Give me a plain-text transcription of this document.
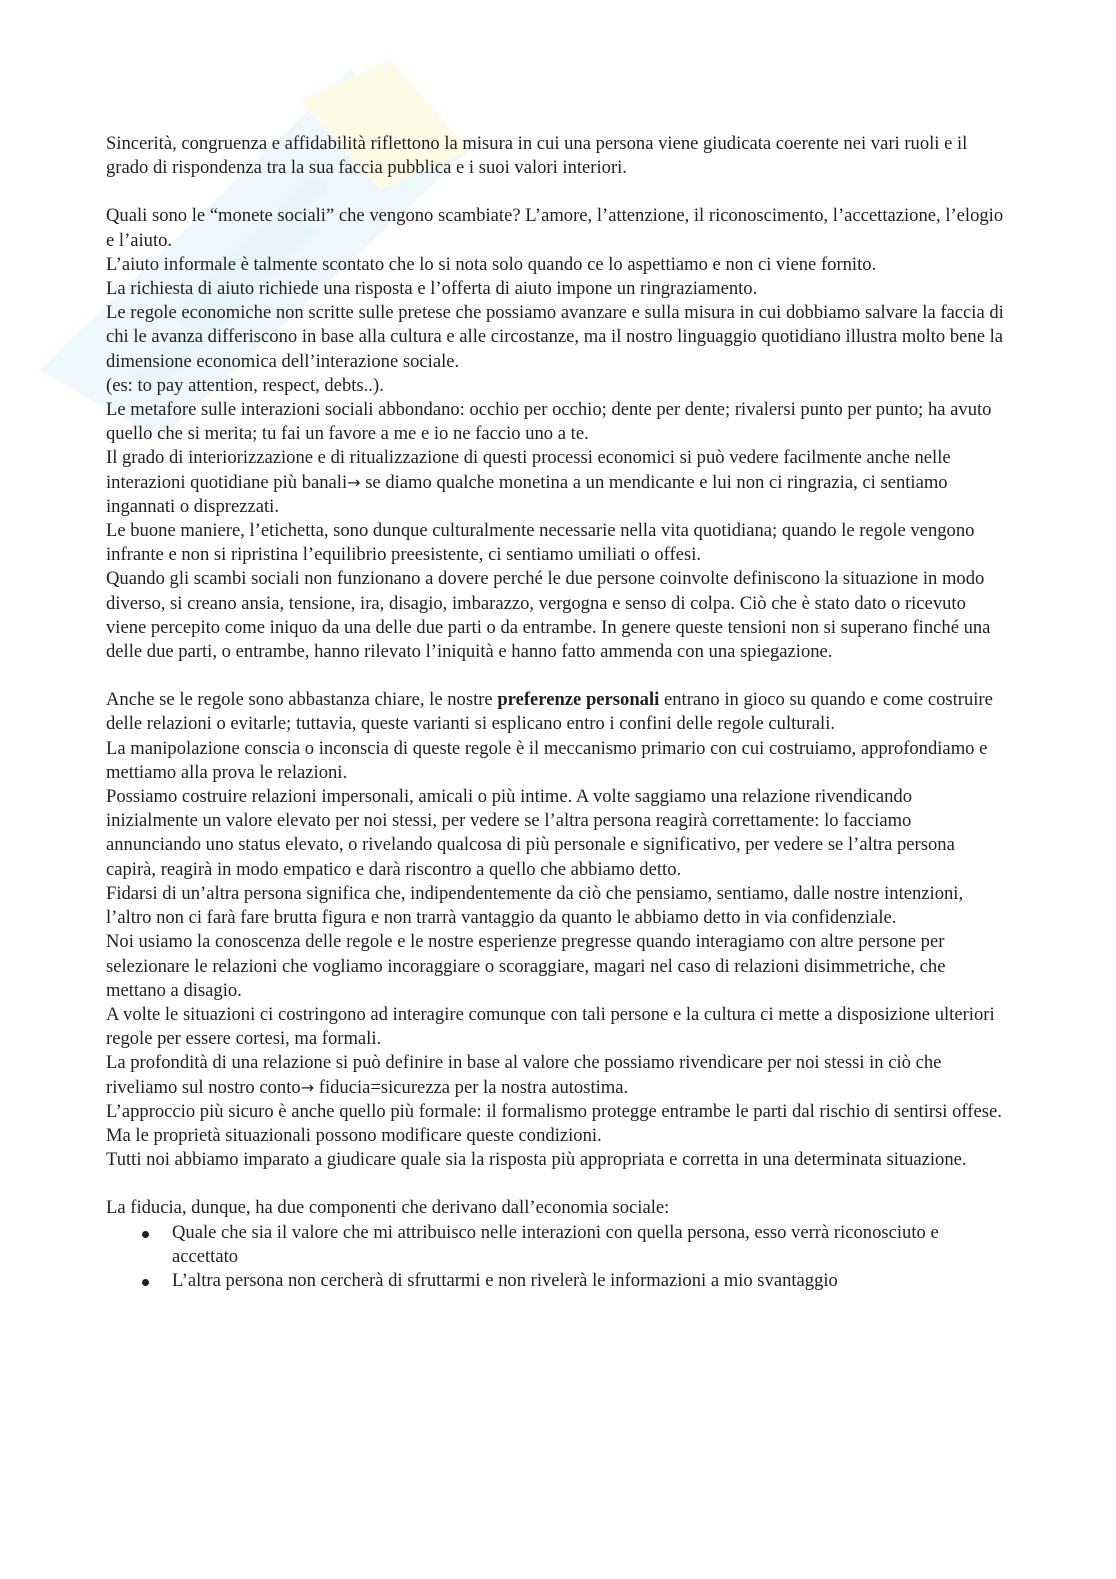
Sincerità, congruenza e affidabilità riflettono la misura in cui una persona viene giudicata coerente nei vari ruoli e il grado di rispondenza tra la sua faccia pubblica e i suoi valori interiori.

Quali sono le “monete sociali” che vengono scambiate? L’amore, l’attenzione, il riconoscimento, l’accettazione, l’elogio e l’aiuto.

L’aiuto informale è talmente scontato che lo si nota solo quando ce lo aspettiamo e non ci viene fornito.

La richiesta di aiuto richiede una risposta e l’offerta di aiuto impone un ringraziamento.

Le regole economiche non scritte sulle pretese che possiamo avanzare e sulla misura in cui dobbiamo salvare la faccia di chi le avanza differiscono in base alla cultura e alle circostanze, ma il nostro linguaggio quotidiano illustra molto bene la dimensione economica dell’interazione sociale.

(es: to pay attention, respect, debts..).

Le metafore sulle interazioni sociali abbondano: occhio per occhio; dente per dente; rivalersi punto per punto; ha avuto quello che si merita; tu fai un favore a me e io ne faccio uno a te.

Il grado di interiorizzazione e di ritualizzazione di questi processi economici si può vedere facilmente anche nelle interazioni quotidiane più banali→ se diamo qualche monetina a un mendicante e lui non ci ringrazia, ci sentiamo ingannati o disprezzati.

Le buone maniere, l’etichetta, sono dunque culturalmente necessarie nella vita quotidiana; quando le regole vengono infrante e non si ripristina l’equilibrio preesistente, ci sentiamo umiliati o offesi.

Quando gli scambi sociali non funzionano a dovere perché le due persone coinvolte definiscono la situazione in modo diverso, si creano ansia, tensione, ira, disagio, imbarazzo, vergogna e senso di colpa. Ciò che è stato dato o ricevuto viene percepito come iniquo da una delle due parti o da entrambe. In genere queste tensioni non si superano finché una delle due parti, o entrambe, hanno rilevato l’iniquità e hanno fatto ammenda con una spiegazione.

Anche se le regole sono abbastanza chiare, le nostre preferenze personali entrano in gioco su quando e come costruire delle relazioni o evitarle; tuttavia, queste varianti si esplicano entro i confini delle regole culturali.

La manipolazione conscia o inconscia di queste regole è il meccanismo primario con cui costruiamo, approfondiamo e mettiamo alla prova le relazioni.

Possiamo costruire relazioni impersonali, amicali o più intime. A volte saggiamo una relazione rivendicando inizialmente un valore elevato per noi stessi, per vedere se l’altra persona reagirà correttamente: lo facciamo annunciando uno status elevato, o rivelando qualcosa di più personale e significativo, per vedere se l’altra persona capirà, reagirà in modo empatico e darà riscontro a quello che abbiamo detto.

Fidarsi di un’altra persona significa che, indipendentemente da ciò che pensiamo, sentiamo, dalle nostre intenzioni, l’altro non ci farà fare brutta figura e non trarrà vantaggio da quanto le abbiamo detto in via confidenziale.

Noi usiamo la conoscenza delle regole e le nostre esperienze pregresse quando interagiamo con altre persone per selezionare le relazioni che vogliamo incoraggiare o scoraggiare, magari nel caso di relazioni disimmetriche, che mettano a disagio.

A volte le situazioni ci costringono ad interagire comunque con tali persone e la cultura ci mette a disposizione ulteriori regole per essere cortesi, ma formali.

La profondità di una relazione si può definire in base al valore che possiamo rivendicare per noi stessi in ciò che riveliamo sul nostro conto→ fiducia=sicurezza per la nostra autostima.

L’approccio più sicuro è anche quello più formale: il formalismo protegge entrambe le parti dal rischio di sentirsi offese. Ma le proprietà situazionali possono modificare queste condizioni.

Tutti noi abbiamo imparato a giudicare quale sia la risposta più appropriata e corretta in una determinata situazione.

La fiducia, dunque, ha due componenti che derivano dall’economia sociale:

Quale che sia il valore che mi attribuisco nelle interazioni con quella persona, esso verrà riconosciuto e accettato
L’altra persona non cercherà di sfruttarmi e non rivelerà le informazioni a mio svantaggio
